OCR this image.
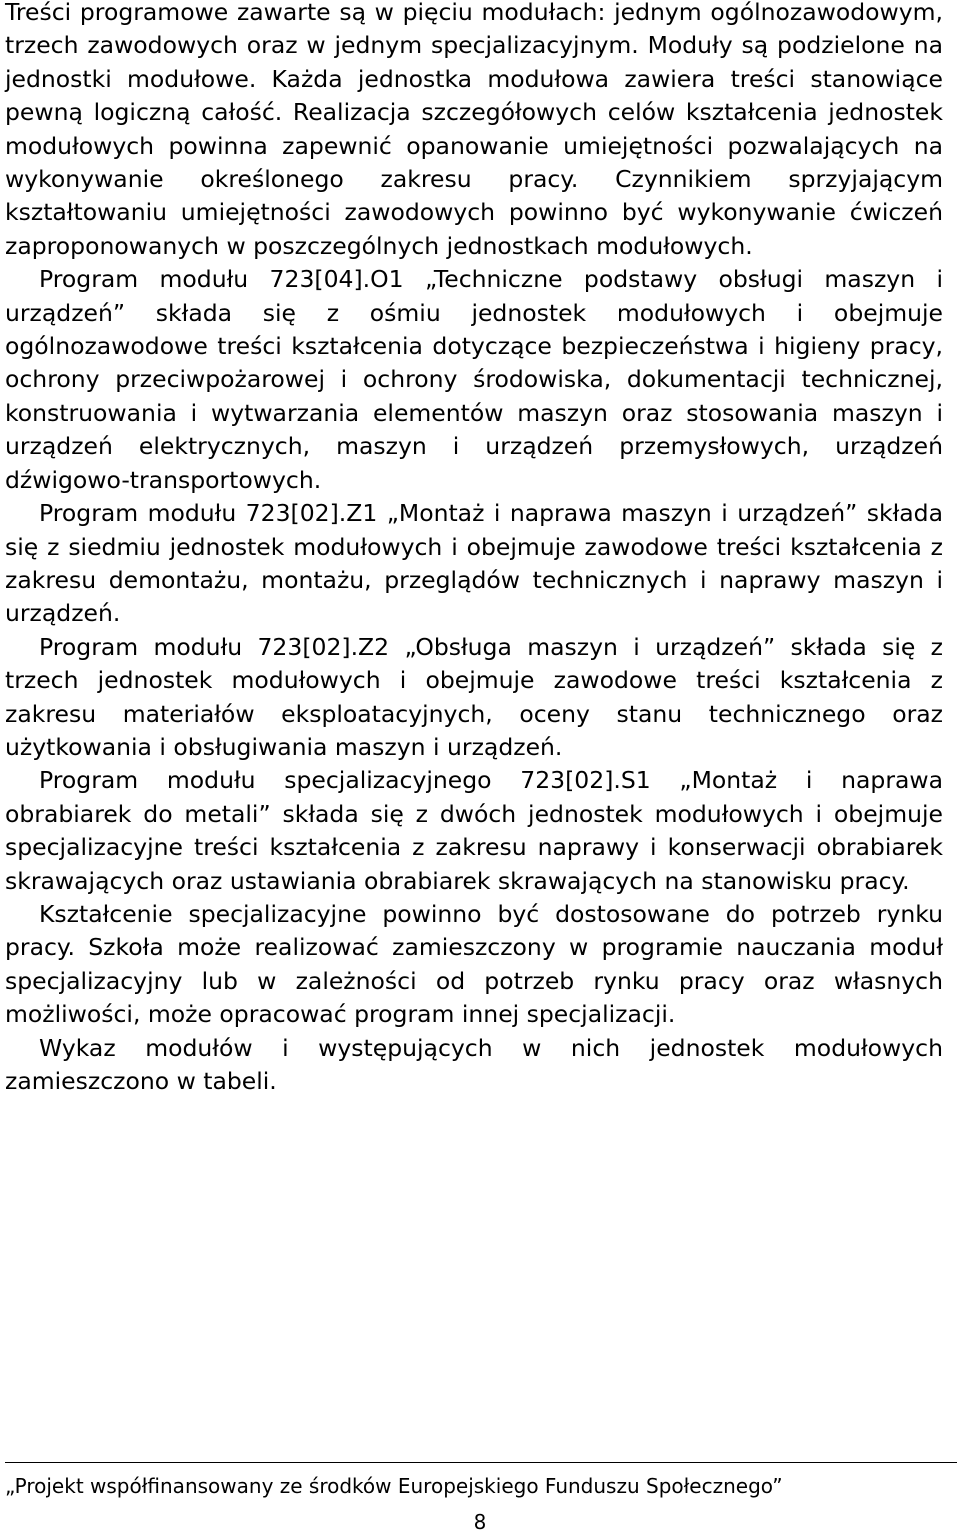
Treści programowe zawarte są w pięciu modułach: jednym ogólnozawodowym, trzech zawodowych oraz w jednym specjalizacyjnym. Moduły są podzielone na jednostki modułowe. Każda jednostka modułowa zawiera treści stanowiące pewną logiczną całość. Realizacja szczegółowych celów kształcenia jednostek modułowych powinna zapewnić opanowanie umiejętności pozwalających na wykonywanie określonego zakresu pracy. Czynnikiem sprzyjającym kształtowaniu umiejętności zawodowych powinno być wykonywanie ćwiczeń zaproponowanych w poszczególnych jednostkach modułowych.

Program modułu 723[04].O1 „Techniczne podstawy obsługi maszyn i urządzeń” składa się z ośmiu jednostek modułowych i obejmuje ogólnozawodowe treści kształcenia dotyczące bezpieczeństwa i higieny pracy, ochrony przeciwpożarowej i ochrony środowiska, dokumentacji technicznej, konstruowania i wytwarzania elementów maszyn oraz stosowania maszyn i urządzeń elektrycznych, maszyn i urządzeń przemysłowych, urządzeń dźwigowo-transportowych.

Program modułu 723[02].Z1 „Montaż i naprawa maszyn i urządzeń” składa się z siedmiu jednostek modułowych i obejmuje zawodowe treści kształcenia z zakresu demontażu, montażu, przeglądów technicznych i naprawy maszyn i urządzeń.

Program modułu 723[02].Z2 „Obsługa maszyn i urządzeń” składa się z trzech jednostek modułowych i obejmuje zawodowe treści kształcenia z zakresu materiałów eksploatacyjnych, oceny stanu technicznego oraz użytkowania i obsługiwania maszyn i urządzeń.

Program modułu specjalizacyjnego 723[02].S1 „Montaż i naprawa obrabiarek do metali” składa się z dwóch jednostek modułowych i obejmuje specjalizacyjne treści kształcenia z zakresu naprawy i konserwacji obrabiarek skrawających oraz ustawiania obrabiarek skrawających na stanowisku pracy.

Kształcenie specjalizacyjne powinno być dostosowane do potrzeb rynku pracy. Szkoła może realizować zamieszczony w programie nauczania moduł specjalizacyjny lub w zależności od potrzeb rynku pracy oraz własnych możliwości, może opracować program innej specjalizacji.

Wykaz modułów i występujących w nich jednostek modułowych zamieszczono w tabeli.

„Projekt współfinansowany ze środków Europejskiego Funduszu Społecznego”
8
